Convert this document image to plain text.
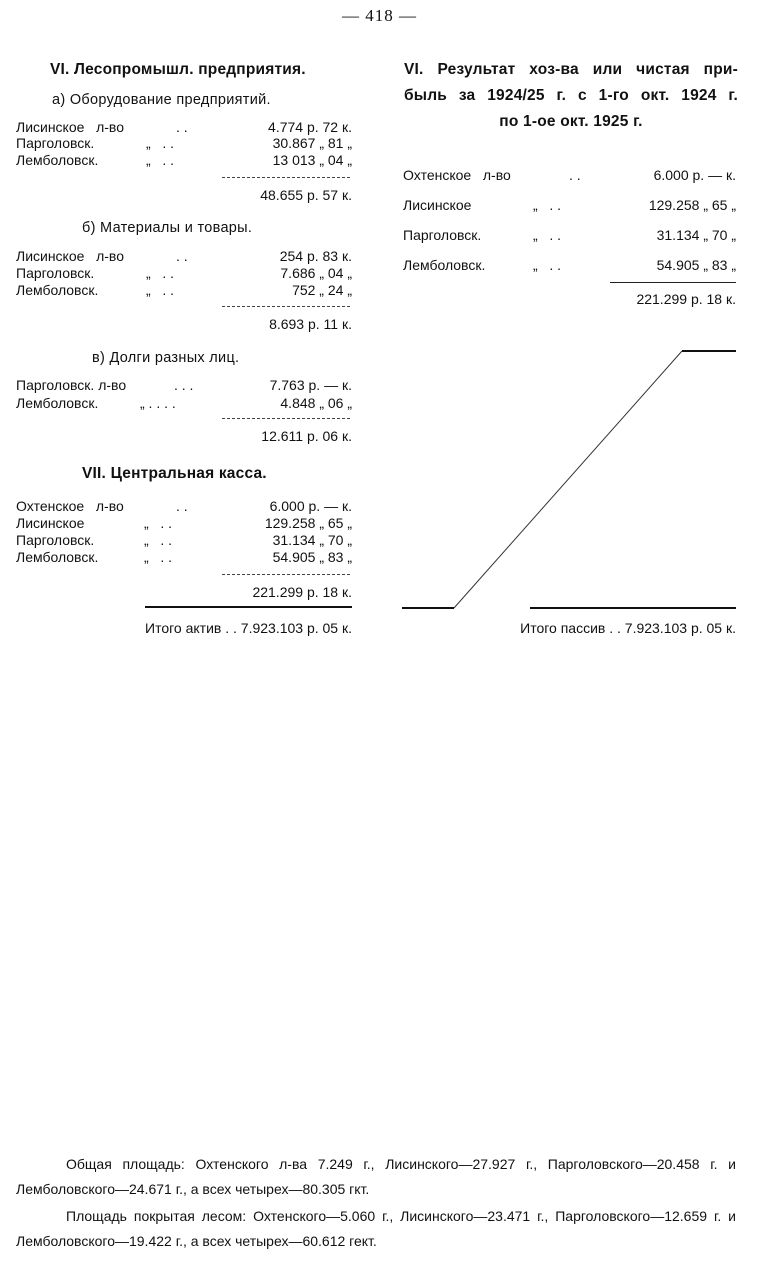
— 418 —
VI. Лесопромышл. предприятия.
а) Оборудование предприятий.
Лисинское   л-во	. .	4.774 р. 72 к.
Парголовск.	„   . .	30.867 „ 81 „
Лемболовск.	„   . .	13 013 „ 04 „
48.655 р. 57 к.
б) Материалы и товары.
Лисинское   л-во	. .	254 р. 83 к.
Парголовск.	„   . .	7.686 „ 04 „
Лемболовск.	„   . .	752 „ 24 „
8.693 р. 11 к.
в) Долги разных лиц.
Парголовск. л-во	. . .	7.763 р. — к.
Лемболовск.	„ . . . .	4.848 „ 06 „
12.611 р. 06 к.
VII. Центральная касса.
Охтенское   л-во	. .	6.000 р. — к.
Лисинское	„   . .	129.258 „ 65 „
Парголовск.	„   . .	31.134 „ 70 „
Лемболовск.	„   . .	54.905 „ 83 „
221.299 р. 18 к.
Итого актив . . 7.923.103 р. 05 к.
VI. Результат хоз-ва или чистая при-
быль за 1924/25 г. с 1-го окт. 1924 г.
по 1-ое окт. 1925 г.
Охтенское   л-во	. .	6.000 р. — к.
Лисинское	„   . .	129.258 „ 65 „
Парголовск.	„   . .	31.134 „ 70 „
Лемболовск.	„   . .	54.905 „ 83 „
221.299 р. 18 к.
Итого пассив . . 7.923.103 р. 05 к.

Общая площадь: Охтенского л-ва 7.249 г., Лисинского—27.927 г., Парголовского—20.458 г. и Лемболовского—24.671 г., а всех четырех—80.305 гкт.

Площадь покрытая лесом: Охтенского—5.060 г., Лисинского—23.471 г., Парголовского—12.659 г. и Лемболовского—19.422 г., а всех четырех—60.612 гект.
